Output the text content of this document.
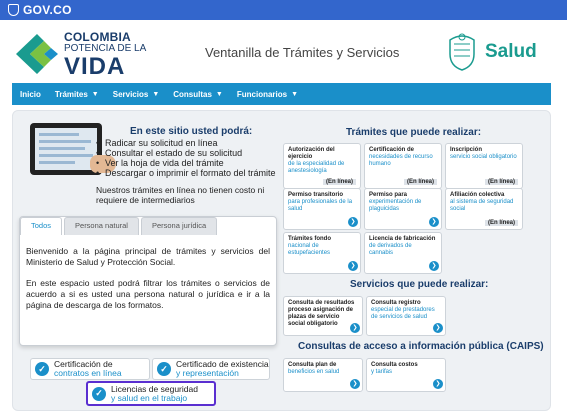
GOV.CO
COLOMBIA
POTENCIA DE LA
VIDA
Ventanilla de Trámites y Servicios	Salud
Inicio Trámites ▼ Servicios ▼ Consultas ▼ Funcionarios ▼
En este sitio usted podrá:
• Radicar su solicitud en línea
• Consultar el estado de su solicitud
• Ver la hoja de vida del trámite
• Descargar o imprimir el formato del trámite
Nuestros trámites en línea no tienen costo ni requiere de intermediarios
Todos	Persona natural	Persona jurídica

Bienvenido a la página principal de trámites y servicios del Ministerio de Salud y Protección Social.

En este espacio usted podrá filtrar los trámites o servicios de acuerdo a si es usted una persona natural o jurídica e ir a la página de descarga de los formatos.

✓ Certificación de
contratos en línea	✓ Certificado de existencia
y representación
✓ Licencias de seguridad
y salud en el trabajo
Trámites que puede realizar:
Autorización del ejercicio
de la especialidad de anestesiología
(En línea)
Certificación de
necesidades de recurso humano
(En línea)
Inscripción
servicio social obligatorio
(En línea)
Permiso transitorio
para profesionales de la salud
❯
Permiso para
experimentación de plaguicidas
❯
Afiliación colectiva
al sistema de seguridad social
(En línea)
Trámites fondo
nacional de estupefacientes
❯
Licencia de fabricación
de derivados de cannabis
❯
Servicios que puede realizar:
Consulta de resultados proceso asignación de plazas de servicio social obligatorio
❯
Consulta registro
especial de prestadores de servicios de salud
❯
Consultas de acceso a información pública (CAIPS)
Consulta plan de
beneficios en salud
❯
Consulta costos
y tarifas
❯
